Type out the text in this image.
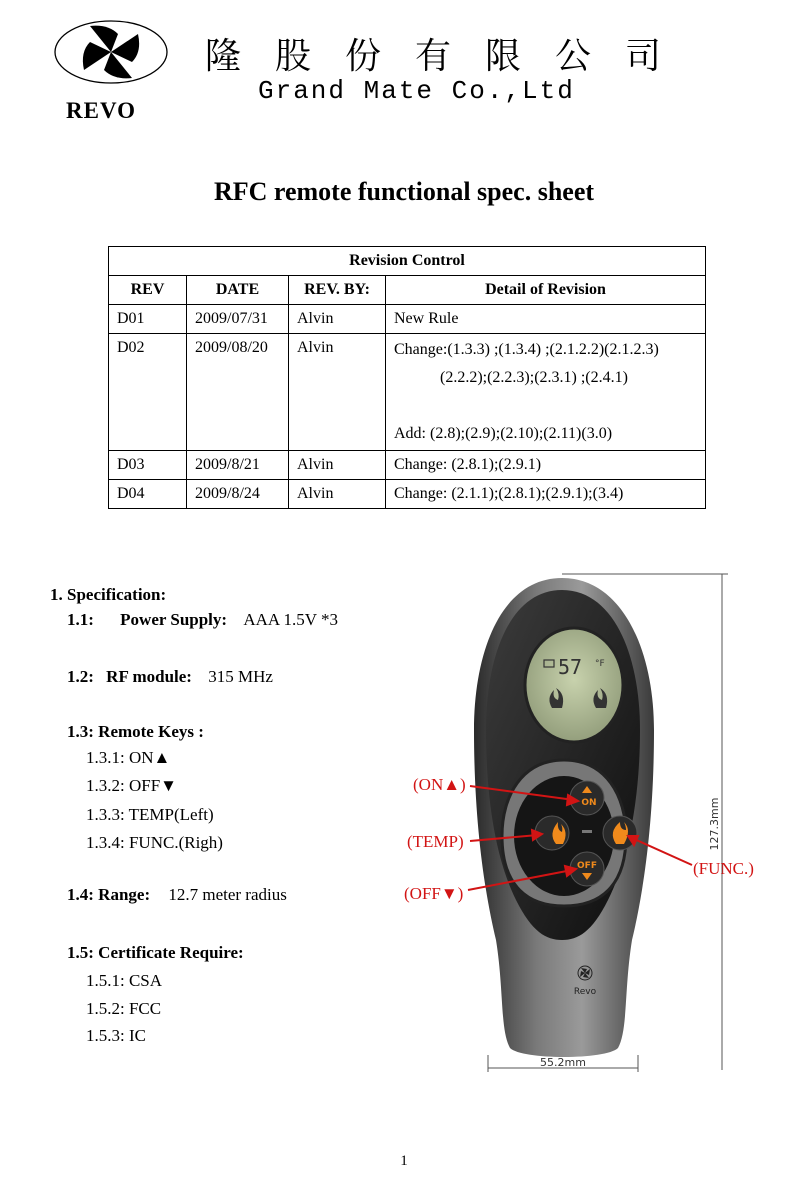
REVO
隆股份有限公司
Grand Mate Co.,Ltd
RFC remote functional spec. sheet
Revision Control			
REV	DATE	REV. BY:	Detail of Revision
D01	2009/07/31	Alvin	New Rule
D02	2009/08/20	Alvin	Change:(1.3.3) ;(1.3.4) ;(2.1.2.2)(2.1.2.3)
(2.2.2);(2.2.3);(2.3.1) ;(2.4.1)
Add: (2.8);(2.9);(2.10);(2.11)(3.0)

D03	2009/8/21	Alvin	Change: (2.8.1);(2.9.1)
D04	2009/8/24	Alvin	Change: (2.1.1);(2.8.1);(2.9.1);(3.4)
1. Specification:
1.1: Power Supply: AAA 1.5V *3
1.2: RF module: 315 MHz
1.3: Remote Keys :
1.3.1: ON▲
1.3.2: OFF▼
1.3.3: TEMP(Left)
1.3.4: FUNC.(Righ)
1.4: Range: 12.7 meter radius
1.5: Certificate Require:
1.5.1: CSA
1.5.2: FCC
1.5.3: IC
57 °F
ON
OFF
Revo
127.3mm
55.2mm
(ON▲)
(TEMP)
(OFF▼)
(FUNC.)
1
